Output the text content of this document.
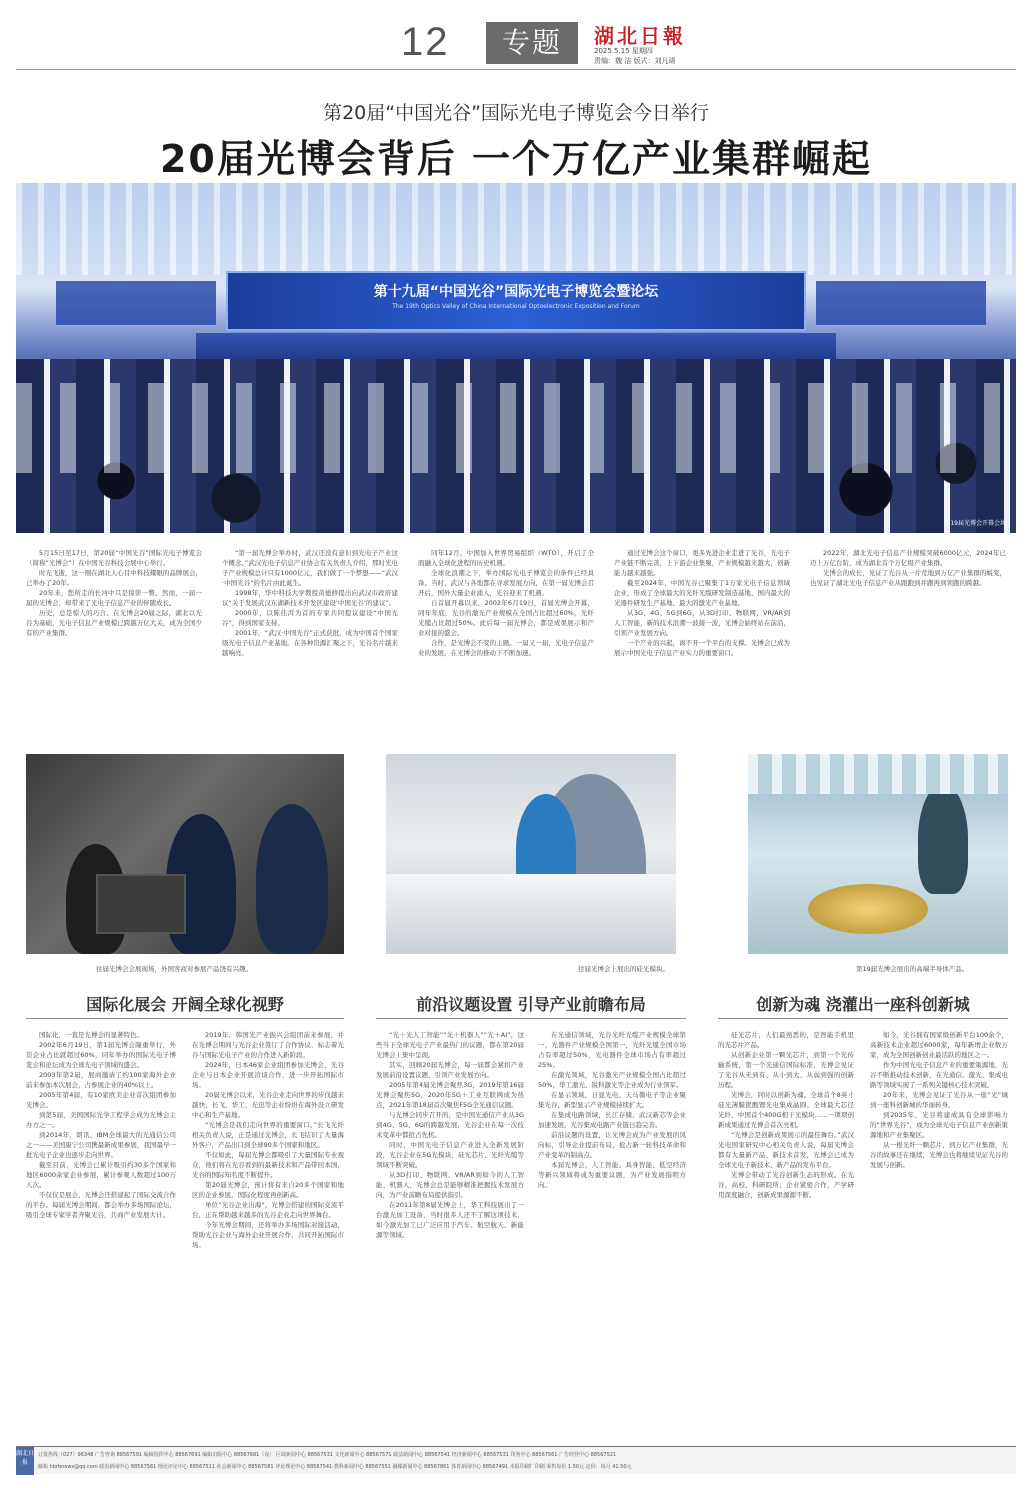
12	专题	湖北日報
2025.5.15 星期四
责编：魏 洁 版式：刘凡琦
第20届“中国光谷”国际光电子博览会今日举行
20届光博会背后 一个万亿产业集群崛起
第十九届“中国光谷”国际光电子博览会暨论坛
The 19th Optics Valley of China International Optoelectronic Exposition and Forum
第19届光博会开幕会场

5月15日至17日，第20届“中国光谷”国际光电子博览会（简称“光博会”）在中国光谷科技会展中心举行。

时光飞逝，这一刚在湖北人心目中科技耀眼的品牌展会，已举办了20年。

20年来，您所走的长河中只是掠影一瞥。然而，一届一届的光博会，却带来了光电子信息产业的伴随成长。

历史，总是惊人的巧合。在光博会20届之际，湖北以光谷为基础，光电子信息产业规模已跨越万亿大关，成为全国少有的产业集群。

“第一届光博会举办时，武汉还没有意识到光电子产业这个概念。”武汉光电子信息产业协会有关负责人介绍，那时光电子产业规模总计只有1000亿元，我们做了一个梦想——“武汉·中国光谷”的名片由此诞生。

1998年，华中科技大学教授黄德修提出向武汉市政府建议“关于发展武汉东湖新技术开发区建设‘中国光谷’的建议”。

2000年，以陈佳洱为首的专家共同提议建设“中国光谷”，得到国家支持。

2001年，“武汉·中国光谷”正式获批，成为中国首个国家级光电子信息产业基地。在各种资源汇聚之下，光谷名片越来越响亮。

同年12月，中国加入世界贸易组织（WTO），开启了全面融入全球化进程的历史机遇。

全球化浪潮之下，举办国际光电子博览会的条件已经具备。当时，武汉与各地都在寻求发展方向，在第一届光博会召开后，国外大量企业涌入，光谷迎来了机遇。

自首届开幕以来，2002年6月19日，首届光博会开幕，同年年底，光谷的激光产业规模在全国占比超过60%，光纤光缆占比超过50%。此后每一届光博会，都是成果展示和产业对接的盛会。

合作，是光博会不变的主题。一届又一届，光电子信息产业的发展，在光博会的推动下不断加速。

通过光博会这个窗口，更多先进企业走进了光谷，光电子产业链不断完善，上下游企业集聚，产业规模越来越大，创新能力越来越强。

截至2024年，中国光谷已聚集了1万家光电子信息领域企业，形成了全球最大的光纤光缆研发制造基地、国内最大的光器件研发生产基地、最大的激光产业基地。

从3G、4G、5G到6G，从3D打印、物联网、VR/AR到人工智能，新的技术浪潮一波接一波，光博会始终站在前沿，引领产业发展方向。

一个产业的兴起，离不开一个平台的支撑。光博会已成为展示中国光电子信息产业实力的重要窗口。

2022年，湖北光电子信息产业规模突破6000亿元，2024年已迈上万亿台阶，成为湖北首个万亿级产业集群。

光博会的成长，见证了光谷从一片荒地到万亿产业集群的蜕变，也见证了湖北光电子信息产业从跟跑到并跑再到领跑的跨越。

往届光博会会展现场，外国客商对参展产品饶有兴趣。	往届光博会上展出的硅光模块。	第19届光博会展出的高端半导体产品。
国际化展会 开阔全球化视野	前沿议题设置 引导产业前瞻布局	创新为魂 浇灌出一座科创新城

国际化，一直是光博会的显著特色。

2002年6月19日，第1届光博会隆重举行，外资企业占比就超过60%，同年举办的国际光电子博览会和论坛成为全球光电子领域的盛会。

2003年第2届，展商邀请了约100家海外企业前来参加本次展会，占参展企业的40%以上。

2005年第4届，有10家欧美企业首次组团参加光博会。

到第5届，美国国际光学工程学会成为光博会主办方之一。

到2014年，朗讯、IBM全球最大的光通信公司之一——美国康宁公司携最新成果参展，我国最早一批光电子企业也逐步走向世界。

截至目前，光博会已累计吸引约30多个国家和地区6000余家企业参展，累计参观人数超过100万人次。

不仅仅是展会，光博会还搭建起了国际交流合作的平台。每届光博会期间，都会举办多场国际论坛，吸引全球专家学者齐聚光谷，共商产业发展大计。

2019年，韩国光产业振兴会组团前来参展，并在光博会期间与光谷企业签订了合作协议，标志着光谷与国际光电子产业的合作进入新阶段。

2024年，日本46家企业组团参加光博会，光谷企业与日本企业开展洽谈合作，进一步开拓国际市场。

20届光博会以来，光谷企业走向世界的步伐越来越快，长飞、华工、光迅等企业纷纷在海外设立研发中心和生产基地。

“光博会是我们走向世界的重要窗口。”长飞光纤相关负责人说，正是通过光博会，长飞结识了大量海外客户，产品出口到全球90多个国家和地区。

不仅如此，每届光博会都吸引了大量国际专业观众，他们将在光谷看到的最新技术和产品带回本国，光谷的国际知名度不断提升。

第20届光博会，预计将有来自20多个国家和地区的企业参展，国际化程度再创新高。

单位“光谷企业出海”，光博会搭建的国际交流平台，正在帮助越来越多的光谷企业走向世界舞台。

今年光博会期间，还将举办多场国际对接活动，帮助光谷企业与海外企业开展合作，共同开拓国际市场。

“光＋光人工智能”“光＋机器人”“光＋AI”，这些当下全球光电子产业最热门的议题，都在第20届光博会上集中呈现。

其实，回顾20届光博会，每一届都会紧扣产业发展前沿设置议题，引领产业发展方向。

2005年第4届光博会聚焦3G，2019年第16届光博会聚焦5G，2020年5G＋工业互联网成为热点，2021年第18届首次聚焦F5G全光通信议题。

与光博会同步召开的，是中国光通信产业从3G到4G、5G、6G的跨越发展，光谷企业在每一次技术变革中都抢占先机。

同时，中国光电子信息产业进入全新发展阶段，光谷企业在5G光模块、硅光芯片、光纤光缆等领域不断突破。

从3D打印、物联网、VR/AR到如今的人工智能、机器人，光博会总是能够精准把握技术发展方向，为产业前瞻布局提供指引。

在2011年第8届光博会上，华工科技展出了一台激光加工设备，当时很多人还不了解这项技术，如今激光加工已广泛应用于汽车、航空航天、新能源等领域。

在光通信领域，光谷光纤光缆产业规模全球第一，光器件产业规模全国第一，光纤光缆全国市场占有率超过50%，光电器件全球市场占有率超过25%。

在激光领域，光谷激光产业规模全国占比超过50%，华工激光、锐科激光等企业成为行业领军。

在显示领域，日显光电、天马微电子等企业聚集光谷，新型显示产业规模持续扩大。

在集成电路领域，长江存储、武汉新芯等企业加速发展，光谷集成电路产业链日趋完善。

前沿议题的设置，让光博会成为产业发展的风向标，引导企业提前布局，抢占新一轮科技革命和产业变革的制高点。

本届光博会，人工智能、具身智能、低空经济等新兴领域将成为重要议题，为产业发展指明方向。

硅光芯片，人们最熟悉的，是智能手机里的光芯片产品。

从创新企业第一颗光芯片，到第一个光传输系统，第一个光通信国际标准，光博会见证了光谷从无到有、从小到大、从弱到强的创新历程。

光博会，同时以创新为魂。全球首个8英寸硅光薄膜铌酸锂光电集成晶圆、全球最大芯径光纤、中国首个400G相干光模块……一项项创新成果通过光博会首次亮相。

“光博会是创新成果展示的最佳舞台。”武汉光电国家研究中心相关负责人说，每届光博会都有大量新产品、新技术首发，光博会已成为全球光电子新技术、新产品的发布平台。

光博会带动了光谷创新生态的形成。在光谷，高校、科研院所、企业紧密合作，产学研用深度融合，创新成果源源不断。

如今，光谷拥有国家级创新平台100余个，高新技术企业超过6000家，每年新增企业数万家，成为全国创新创业最活跃的地区之一。

作为中国光电子信息产业的重要策源地，光谷不断推动技术创新，在光通信、激光、集成电路等领域实现了一系列关键核心技术突破。

20年来，光博会见证了光谷从一座“光”城到一座科创新城的华丽转身。

到2035年，光谷将建成具有全球影响力的“世界光谷”，成为全球光电子信息产业创新策源地和产业集聚区。

从一根光纤一颗芯片，到万亿产业集群，光谷的故事还在继续，光博会也将继续见证光谷的发展与创新。

湖北日报
订报热线（027）96348 广告咨询 88567591 编辑指挥中心 88567691 编辑出版中心 88567681（夜） 区域新闻中心 88567531 文化新闻中心 88567571 政法新闻中心 88567541 经济新闻中心 88567531 印务中心 88567561 广告经营中心 88567521
邮箱 hbrbnews@qq.com 政治新闻中心 88567561 理论评论中心 88567511 社会新闻中心 88567581 评论理论中心 88567541 教科新闻中心 88567551 融媒新闻中心 88567861 体育新闻中心 88567491 本报印刷厂印刷 零售每份 1.50元 定价：每月 41.50元
